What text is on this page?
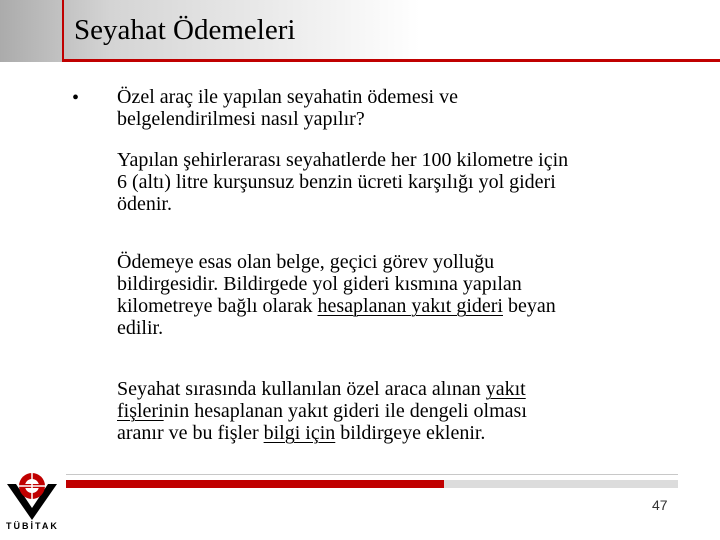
Seyahat Ödemeleri
• Özel araç ile yapılan seyahatin ödemesi ve
belgelendirilmesi nasıl yapılır?
Yapılan şehirlerarası seyahatlerde her 100 kilometre için
6 (altı) litre kurşunsuz benzin ücreti karşılığı yol gideri
ödenir.
Ödemeye esas olan belge, geçici görev yolluğu
bildirgesidir. Bildirgede yol gideri kısmına yapılan
kilometreye bağlı olarak hesaplanan yakıt gideri beyan
edilir.
Seyahat sırasında kullanılan özel araca alınan yakıt
fişlerinin hesaplanan yakıt gideri ile dengeli olması
aranır ve bu fişler bilgi için bildirgeye eklenir.
47
TÜBİTAK
